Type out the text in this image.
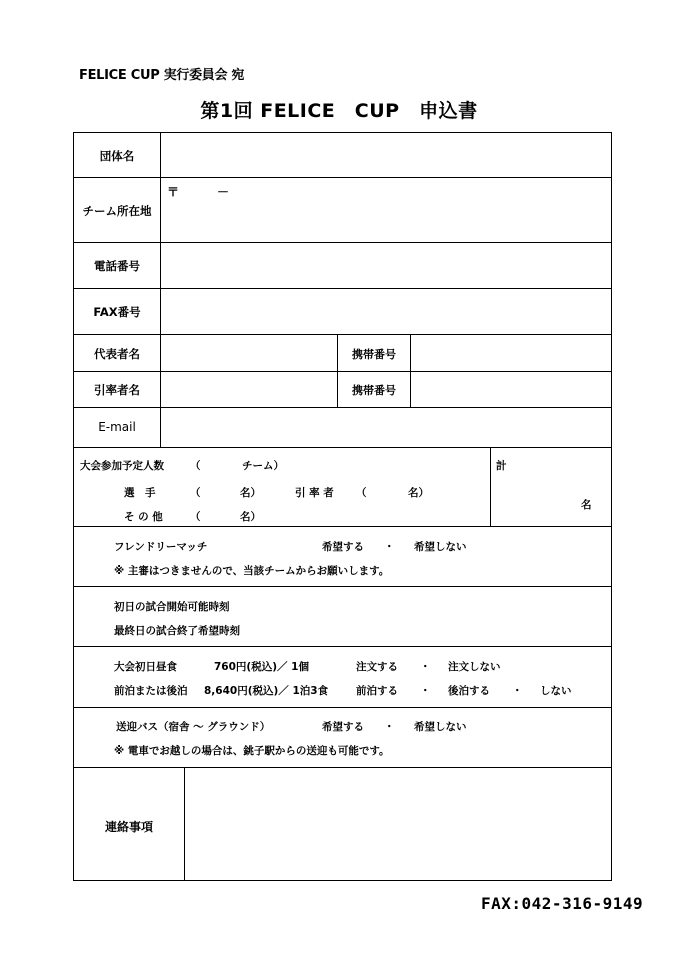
FELICE CUP 実行委員会 宛
第1回 FELICE　CUP　申込書
団体名
チーム所在地
〒	－
電話番号
FAX番号
代表者名	携帯番号
引率者名	携帯番号
E-mail
大会参加予定人数 （	チーム）
選　手	（	名）	引 率 者 （	名）
そ の 他	（	名）
計
名
フレンドリーマッチ	希望する ・ 希望しない
※ 主審はつきませんので、当該チームからお願いします。
初日の試合開始可能時刻
最終日の試合終了希望時刻
大会初日昼食	760円(税込)／ 1個	注文する ・ 注文しない
前泊または後泊 8,640円(税込)／ 1泊3食	前泊する ・ 後泊する ・ しない
送迎バス（宿舎 ～ グラウンド）	希望する ・ 希望しない
※ 電車でお越しの場合は、銚子駅からの送迎も可能です。
連絡事項
FAX:042-316-9149
